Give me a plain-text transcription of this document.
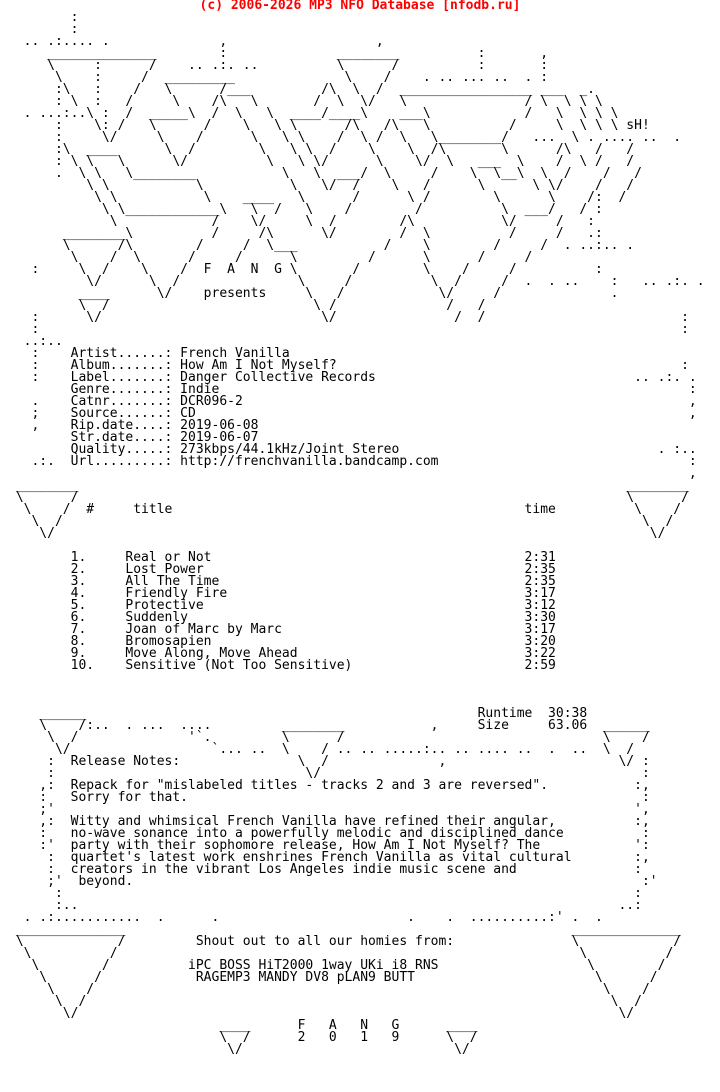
(c) 2006-2026 MP3 NFO Database [nfodb.ru]
:
:
.. .:.... .              ,                   ,
______________        :              ________          :       ,
\     :      /    .. .:. ..          \      /          :       :
\    :     /  _________              \    /    . .. ... ..  . :
:\   :    /   \      /___         /\  \  /  _________________ ___  _.
: \  :   /     \    /\   \       /  \  \/   \               / \  \ \ \
. ...:..\ :  /  _____\  /  \   \  ____/____\    ___\            /   \  \ \ \
:    \: /   \      /    \   \ \      /\   /\   \          /     \  \ \ \ sH!
:     \/     \    /      \   \ \    /  \ /  \   \________/   ...  \ . .... ..  .
:\  ____      \  /        \   \ \  /    \    \  /\       \      /\   /   /
: \ \   \      \/          \   \ \/      \    \/  \   ___  \    /  \ /   /
.  \ \   \________           \   \  ___/  \     /    \  \__\  \  /    /   /
\ \           \           \   \/  /    \   /      \      \ \/    /   /
\ \           \    ____   \      /      \ /        \      \    /:  /
\ \____________\   \  /   \    /        /          \  ___/   / :
\            /    \/     \  /        /\           \/     /   :
________\          /     /\      \/        /  \          /     /   .:
\      /\        /     /  \___           /    \        /     /  . ..:.. .
\    /  \      /     /      \         /      \      /     /
:     \  /    \    /  F  A  N  G \       /        \    /     /          :
\/      \  /               \     /          \  /     /  .  . ..    :   .. .:. .
____      \/    presents     \   /            \/     /              .
\  /                          \ /              /   /
:      \/                            \/               /  /                         :
:                                                                                  :
..:..
:    Artist......: French Vanilla
:    Album.......: How Am I Not Myself?                                            :
:    Label.......: Danger Collective Records                                 .. .:. .
Genre.......: Indie                                                            :
.    Catnr.......: DCR096-2                                                         ,
;    Source......: CD                                                               ,
,    Rip.date....: 2019-06-08
Str.date....: 2019-06-07
Quality.....: 273kbps/44.1kHz/Joint Stereo                                 . :..
.:.  Url.........: http://frenchvanilla.bandcamp.com                                :
,
________                                                                      ________
\      /                                                                      \      /
\    /  #     title                                             time          \    /
\  /                                                                          \  /
\/                                                                            \/

1.     Real or Not                                        2:31
2.     Lost Power                                         2:35
3.     All The Time                                       2:35
4.     Friendly Fire                                      3:17
5.     Protective                                         3:12
6.     Suddenly                                           3:30
7.     Joan of Marc by Marc                               3:17
8.     Bromosapien                                        3:20
9.     Move Along, Move Ahead                             3:22
10.    Sensitive (Not Too Sensitive)                      2:59

______                                                  Runtime  30:38
\    /:..  . ...  ....         ________           ,     Size     63.06  ______
\  /              '`.         \      /                                 \    /
\/                  `... ..  \    / .. .. .....:.. .. .... ..  .  ..  \  /
:  Release Notes:               \  /              ,                      \/ :
:                                \/                                         :
,:  Repack for "mislabeled titles - tracks 2 and 3 are reversed".           :,
:   Sorry for that.                                                          :
;'                                                                          ',
,:  Witty and whimsical French Vanilla have refined their angular,          :,
:   no-wave sonance into a powerfully melodic and disciplined dance          :
:'  party with their sophomore release, How Am I Not Myself? The            ':
:  quartet's latest work enshrines French Vanilla as vital cultural        :,
:  creators in the vibrant Los Angeles indie music scene and               :
;'  beyond.                                                                 :'
:                                                                         :
:..                                                                     ..:
. .:...........  .      .                        .    .  ..........:' .  .
______________                                                         ______________
\            /         Shout out to all our homies from:               \            /
\          /                                                           \          /
\        /          iPC BOSS HiT2000 1way UKi i8 RNS                   \        /
\      /            RAGEMP3 MANDY DV8 pLAN9 BUTT                       \      /
\    /                                                                 \    /
\  /                                                                   \  /
\/                                                                     \/
____      F   A   N   G      ____
\  /      2   0   1   9      \  /
\/                           \/
